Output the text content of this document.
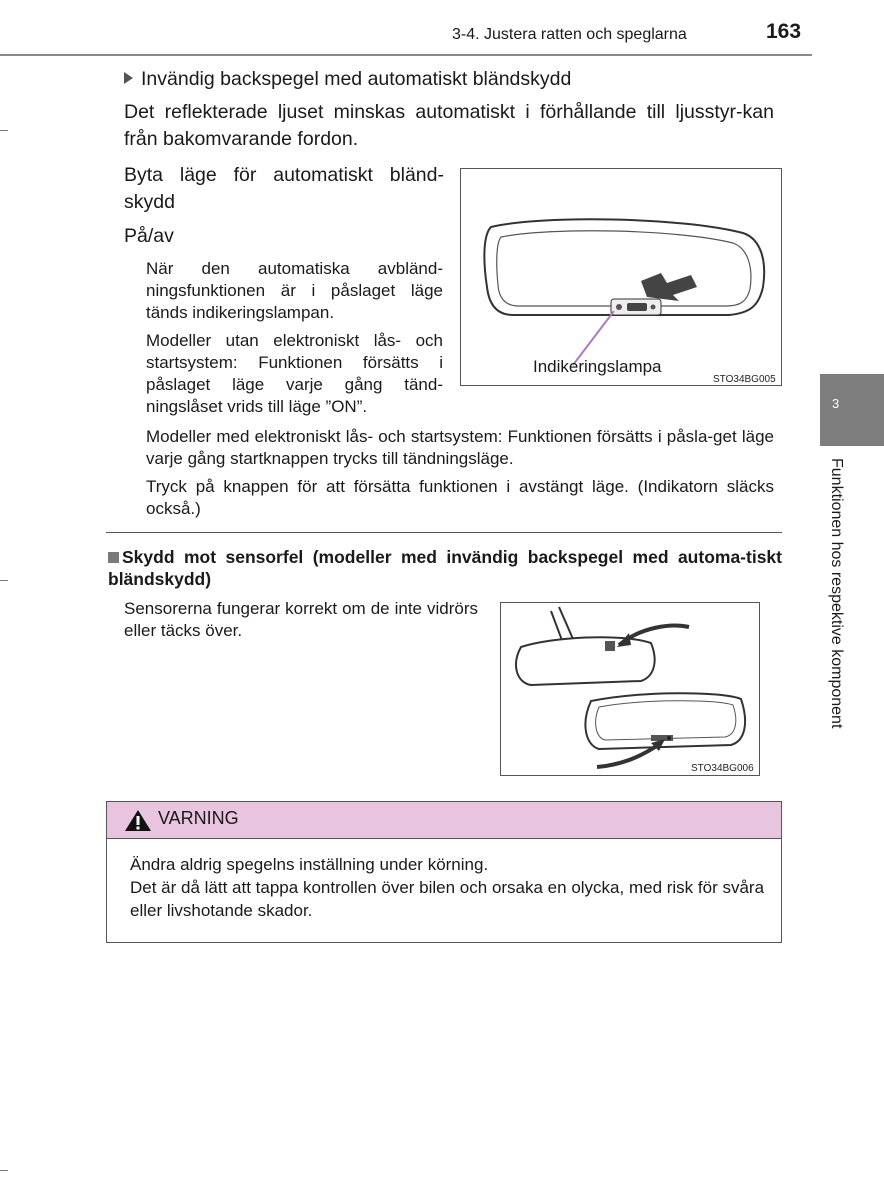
3-4. Justera ratten och speglarna	163
Invändig backspegel med automatiskt bländskydd
Det reflekterade ljuset minskas automatiskt i förhållande till ljusstyr-kan från bakomvarande fordon.
Byta läge för automatiskt bländ-skydd
På/av
När den automatiska avbländ-ningsfunktionen är i påslaget läge tänds indikeringslampan.
Modeller utan elektroniskt lås- och startsystem: Funktionen försätts i påslaget läge varje gång tänd-ningslåset vrids till läge ”ON”.
Modeller med elektroniskt lås- och startsystem: Funktionen försätts i påsla-get läge varje gång startknappen trycks till tändningsläge.
Tryck på knappen för att försätta funktionen i avstängt läge. (Indikatorn släcks också.)
Indikeringslampa
STO34BG005
Skydd mot sensorfel (modeller med invändig backspegel med automa-tiskt bländskydd)
Sensorerna fungerar korrekt om de inte vidrörs eller täcks över.
STO34BG006
VARNING
Ändra aldrig spegelns inställning under körning.
Det är då lätt att tappa kontrollen över bilen och orsaka en olycka, med risk för svåra eller livshotande skador.
3
Funktionen hos respektive komponent
